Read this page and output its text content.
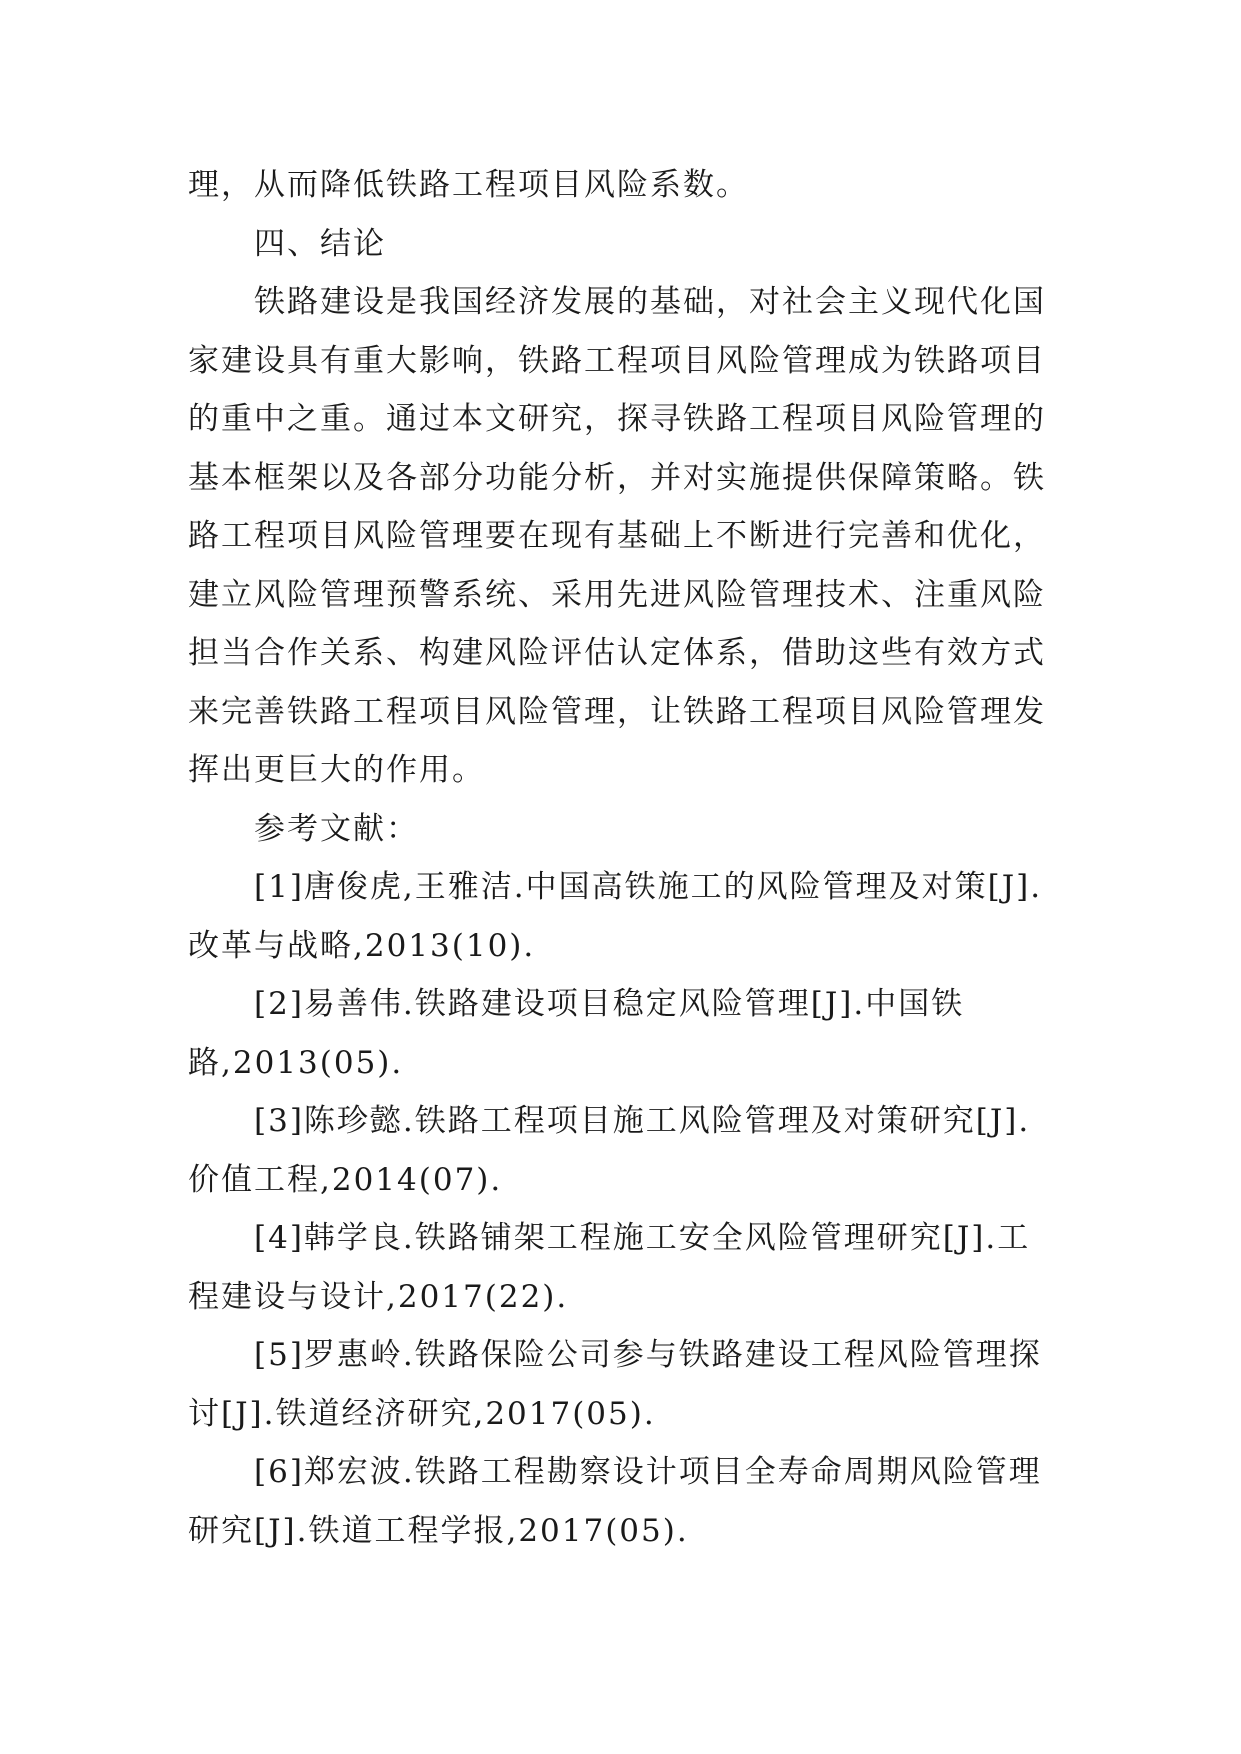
理，从而降低铁路工程项目风险系数。

四、结论

铁路建设是我国经济发展的基础，对社会主义现代化国家建设具有重大影响，铁路工程项目风险管理成为铁路项目的重中之重。通过本文研究，探寻铁路工程项目风险管理的基本框架以及各部分功能分析，并对实施提供保障策略。铁路工程项目风险管理要在现有基础上不断进行完善和优化，建立风险管理预警系统、采用先进风险管理技术、注重风险担当合作关系、构建风险评估认定体系，借助这些有效方式来完善铁路工程项目风险管理，让铁路工程项目风险管理发挥出更巨大的作用。

参考文献：

[1]唐俊虎,王雅洁.中国高铁施工的风险管理及对策[J].改革与战略,2013(10).

[2]易善伟.铁路建设项目稳定风险管理[J].中国铁路,2013(05).

[3]陈珍懿.铁路工程项目施工风险管理及对策研究[J].价值工程,2014(07).

[4]韩学良.铁路铺架工程施工安全风险管理研究[J].工程建设与设计,2017(22).

[5]罗惠岭.铁路保险公司参与铁路建设工程风险管理探讨[J].铁道经济研究,2017(05).

[6]郑宏波.铁路工程勘察设计项目全寿命周期风险管理研究[J].铁道工程学报,2017(05).
